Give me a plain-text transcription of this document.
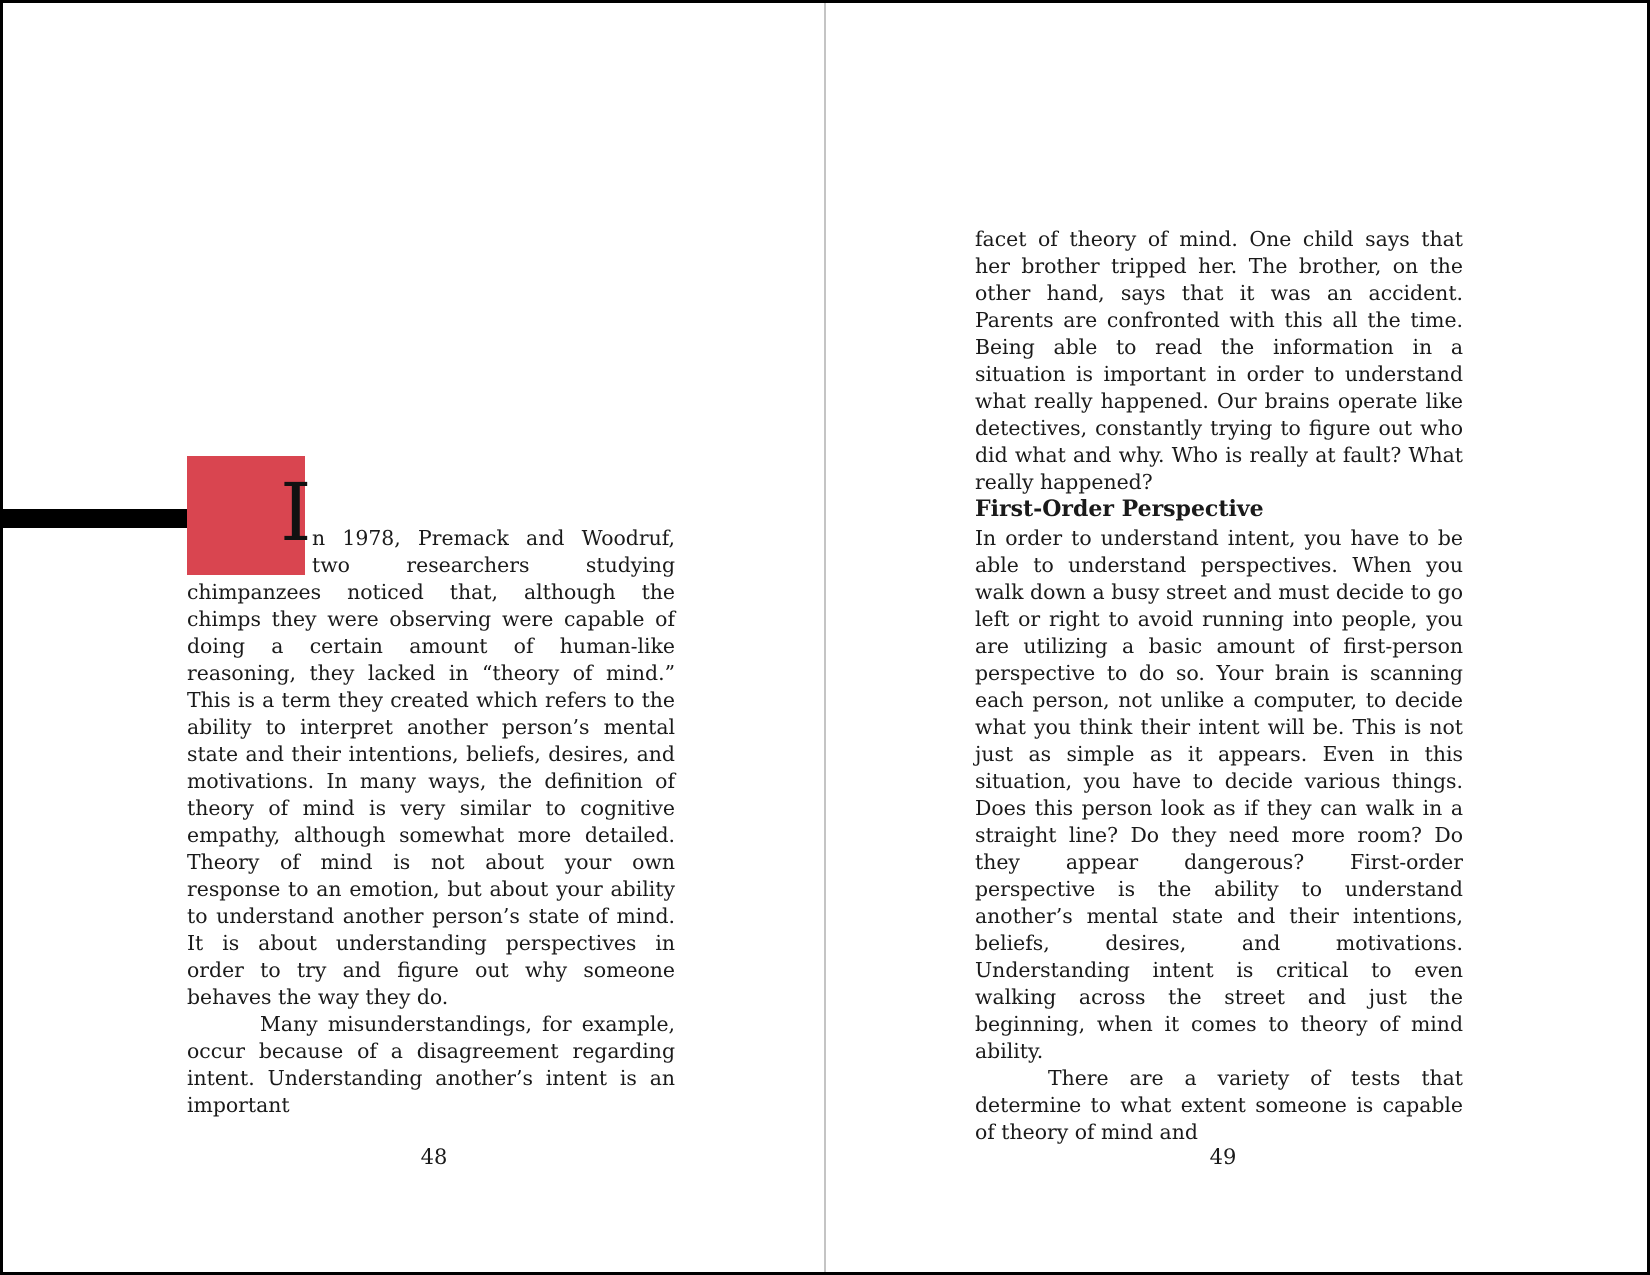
I n 1978, Premack and Woodruf, two researchers studying chimpanzees noticed that, although the chimps they were observing were capable of doing a certain amount of human-like reasoning, they lacked in “theory of mind.” This is a term they created which refers to the ability to interpret another person’s mental state and their intentions, beliefs, desires, and motivations. In many ways, the definition of theory of mind is very similar to cognitive empathy, although somewhat more detailed. Theory of mind is not about your own response to an emotion, but about your ability to understand another person’s state of mind. It is about understanding perspectives in order to try and figure out why someone behaves the way they do.

Many misunderstandings, for example, occur because of a disagreement regarding intent. Understanding another’s intent is an important

48

facet of theory of mind. One child says that her brother tripped her. The brother, on the other hand, says that it was an accident. Parents are confronted with this all the time. Being able to read the information in a situation is important in order to understand what really happened. Our brains operate like detectives, constantly trying to figure out who did what and why. Who is really at fault? What really happened?

First-Order Perspective

In order to understand intent, you have to be able to understand perspectives. When you walk down a busy street and must decide to go left or right to avoid running into people, you are utilizing a basic amount of first-person perspective to do so. Your brain is scanning each person, not unlike a computer, to decide what you think their intent will be. This is not just as simple as it appears. Even in this situation, you have to decide various things. Does this person look as if they can walk in a straight line? Do they need more room? Do they appear dangerous? First-order perspective is the ability to understand another’s mental state and their intentions, beliefs, desires, and motivations. Understanding intent is critical to even walking across the street and just the beginning, when it comes to theory of mind ability.

There are a variety of tests that determine to what extent someone is capable of theory of mind and

49
